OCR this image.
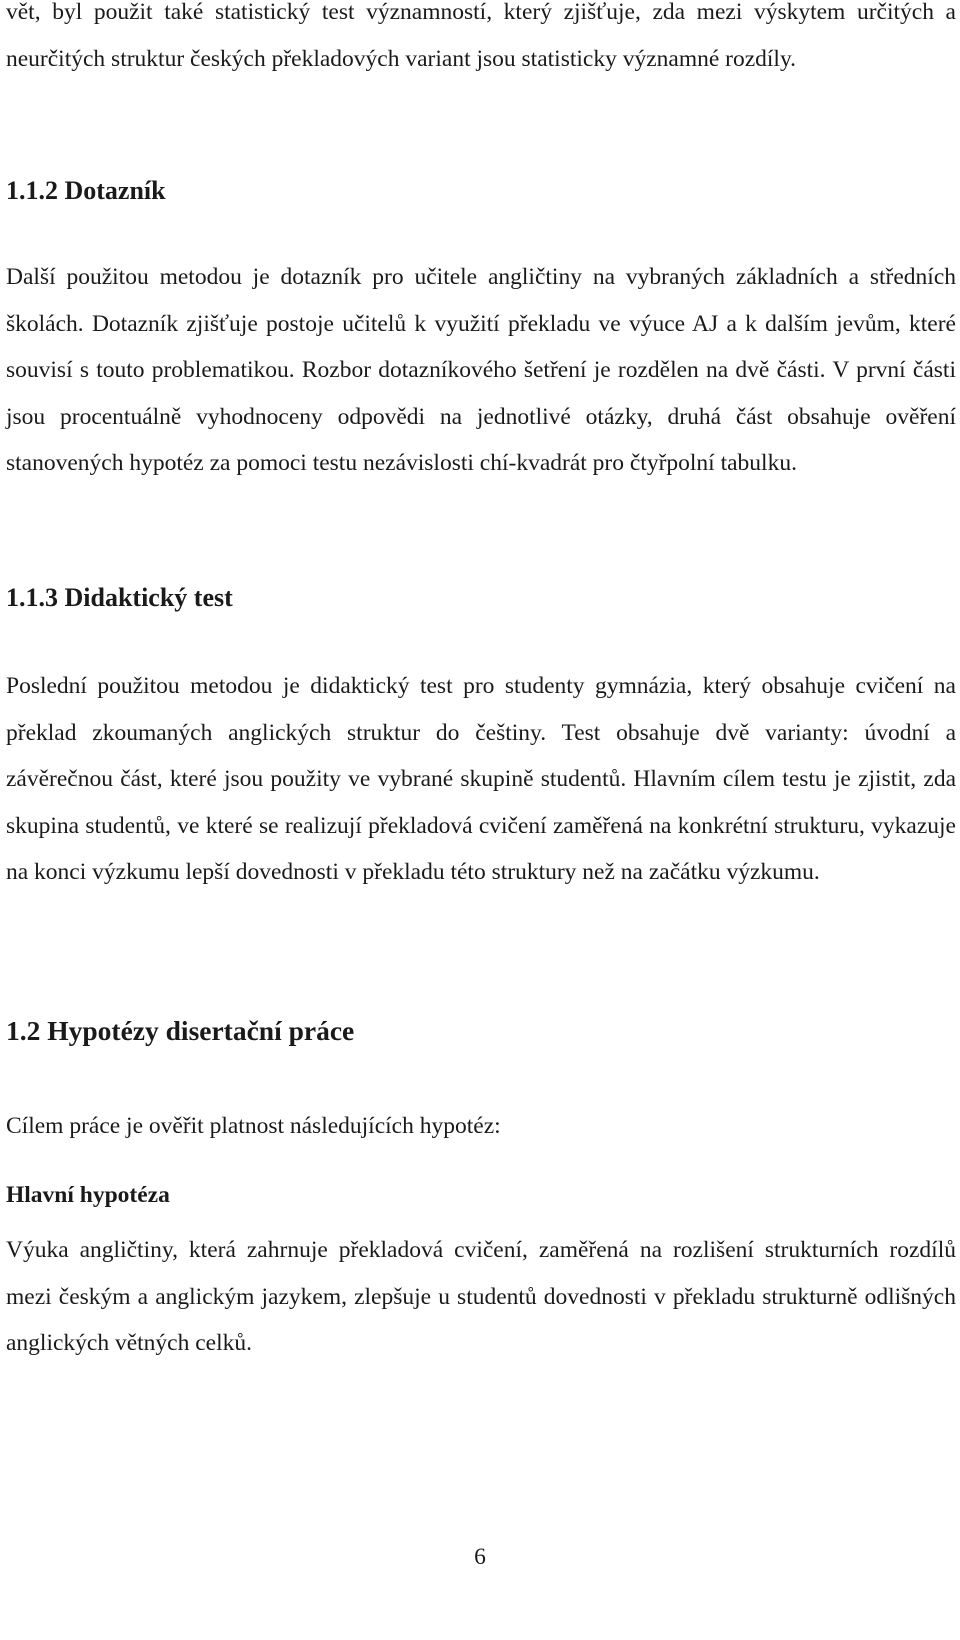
vět, byl použit také statistický test významností, který zjišťuje, zda mezi výskytem určitých a neurčitých struktur českých překladových variant jsou statisticky významné rozdíly.

1.1.2 Dotazník

Další použitou metodou je dotazník pro učitele angličtiny na vybraných základních a středních školách. Dotazník zjišťuje postoje učitelů k využití překladu ve výuce AJ a k dalším jevům, které souvisí s touto problematikou. Rozbor dotazníkového šetření je rozdělen na dvě části. V první části jsou procentuálně vyhodnoceny odpovědi na jednotlivé otázky, druhá část obsahuje ověření stanovených hypotéz za pomoci testu nezávislosti chí-kvadrát pro čtyřpolní tabulku.

1.1.3 Didaktický test

Poslední použitou metodou je didaktický test pro studenty gymnázia, který obsahuje cvičení na překlad zkoumaných anglických struktur do češtiny. Test obsahuje dvě varianty: úvodní a závěrečnou část, které jsou použity ve vybrané skupině studentů. Hlavním cílem testu je zjistit, zda skupina studentů, ve které se realizují překladová cvičení zaměřená na konkrétní strukturu, vykazuje na konci výzkumu lepší dovednosti v překladu této struktury než na začátku výzkumu.

1.2 Hypotézy disertační práce

Cílem práce je ověřit platnost následujících hypotéz:

Hlavní hypotéza

Výuka angličtiny, která zahrnuje překladová cvičení, zaměřená na rozlišení strukturních rozdílů mezi českým a anglickým jazykem, zlepšuje u studentů dovednosti v překladu strukturně odlišných anglických větných celků.

6
